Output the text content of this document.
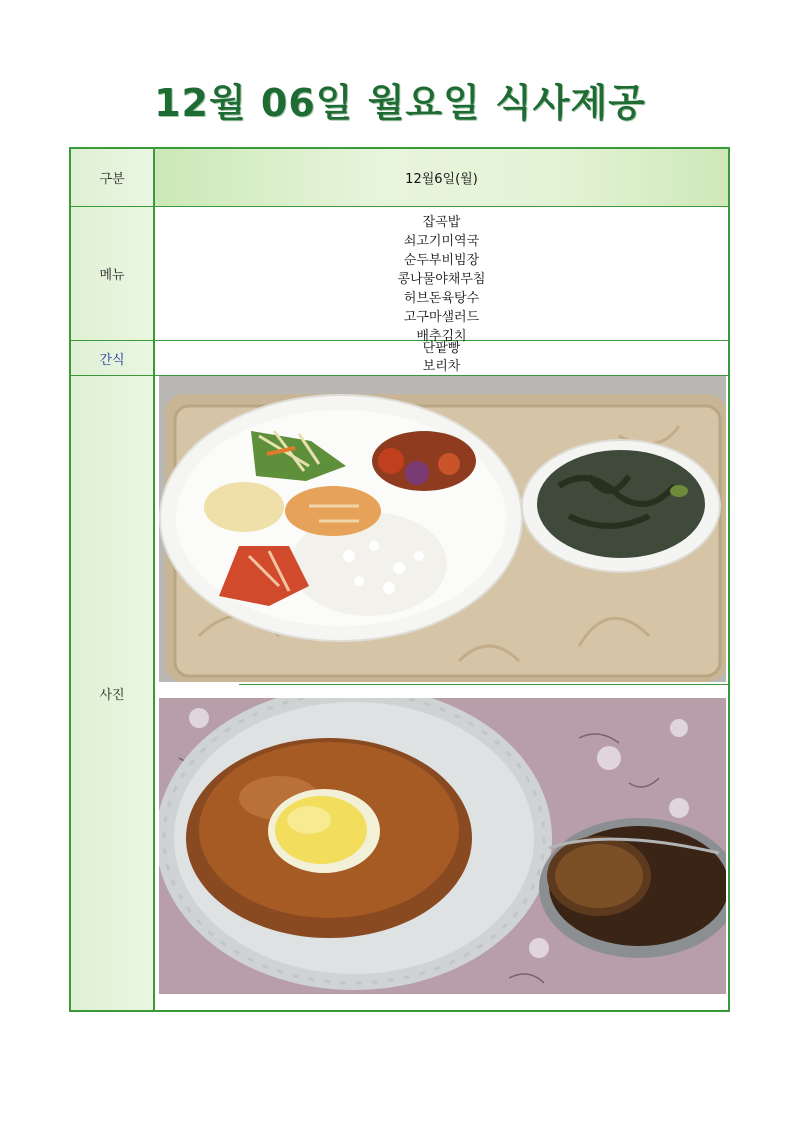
12월 06일 월요일 식사제공
구분	12월6일(월)
메뉴
잡곡밥
쇠고기미역국
순두부비빔장
콩나물야채무침
허브돈육탕수
고구마샐러드
배추김치
간식
단팥빵
보리차
사진
